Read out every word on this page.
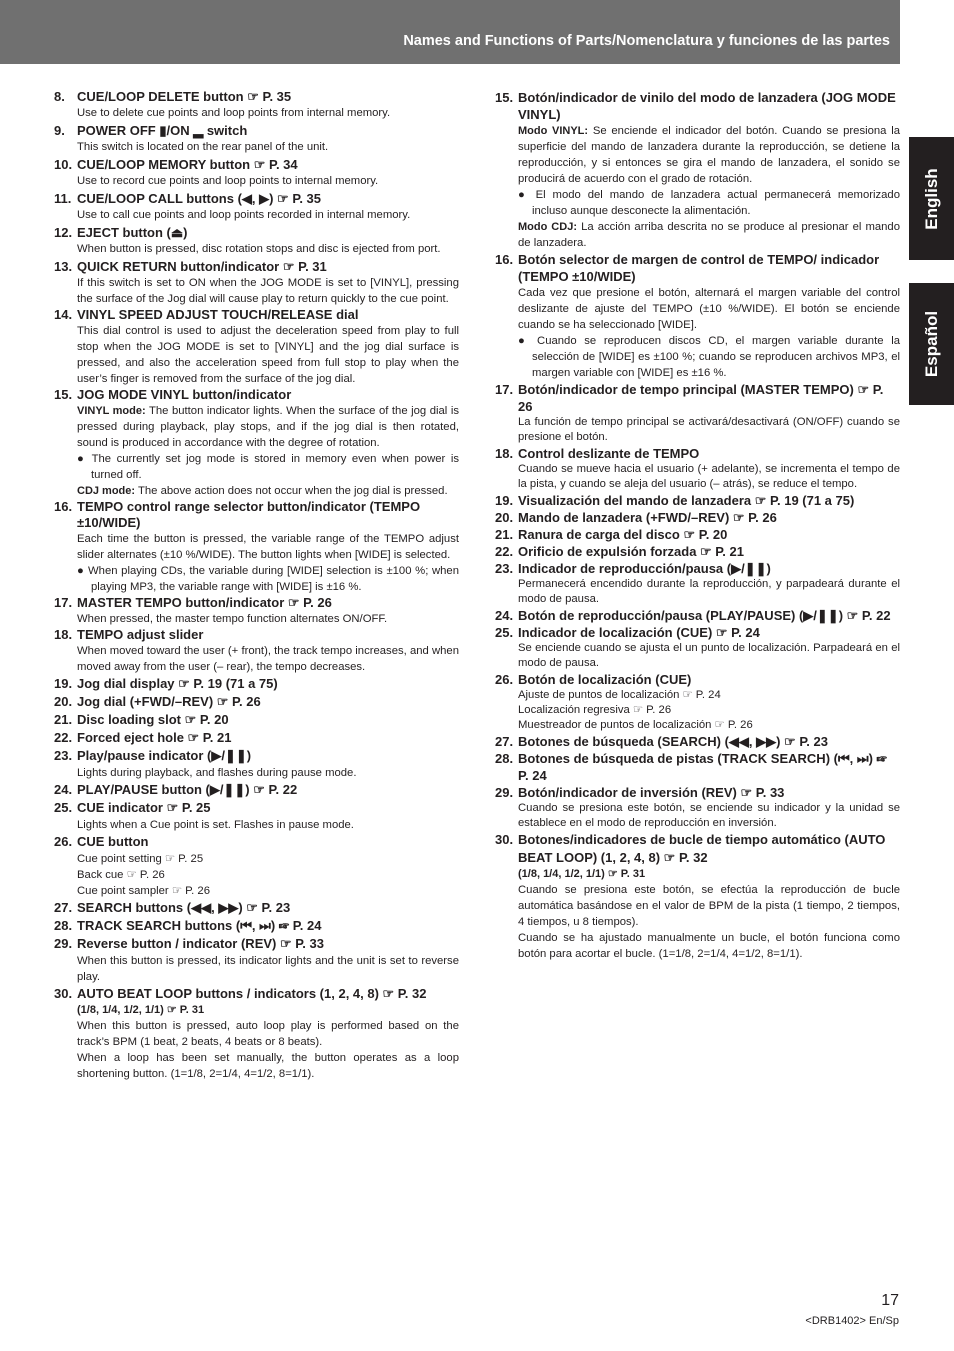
Names and Functions of Parts/Nomenclatura y funciones de las partes
English
Español
8. CUE/LOOP DELETE button ☞ P. 35
Use to delete cue points and loop points from internal memory.
9. POWER OFF ▮/ON ▂ switch
This switch is located on the rear panel of the unit.
10. CUE/LOOP MEMORY button ☞ P. 34
Use to record cue points and loop points to internal memory.
11. CUE/LOOP CALL buttons (◀, ▶) ☞ P. 35
Use to call cue points and loop points recorded in internal memory.
12. EJECT button (⏏)
When button is pressed, disc rotation stops and disc is ejected from port.
13. QUICK RETURN button/indicator ☞ P. 31
If this switch is set to ON when the JOG MODE is set to [VINYL], pressing the surface of the Jog dial will cause play to return quickly to the cue point.
14. VINYL SPEED ADJUST TOUCH/RELEASE dial
This dial control is used to adjust the deceleration speed from play to full stop when the JOG MODE is set to [VINYL] and the jog dial surface is pressed, and also the acceleration speed from full stop to play when the user’s finger is removed from the surface of the jog dial.
15. JOG MODE VINYL button/indicator
VINYL mode: The button indicator lights. When the surface of the jog dial is pressed during playback, play stops, and if the jog dial is then rotated, sound is produced in accordance with the degree of rotation.
● The currently set jog mode is stored in memory even when power is turned off.
CDJ mode: The above action does not occur when the jog dial is pressed.
16. TEMPO control range selector button/indicator (TEMPO ±10/WIDE)
Each time the button is pressed, the variable range of the TEMPO adjust slider alternates (±10 %/WIDE). The button lights when [WIDE] is selected.
● When playing CDs, the variable during [WIDE] selection is ±100 %; when playing MP3, the variable range with [WIDE] is ±16 %.
17. MASTER TEMPO button/indicator ☞ P. 26
When pressed, the master tempo function alternates ON/OFF.
18. TEMPO adjust slider
When moved toward the user (+ front), the track tempo increases, and when moved away from the user (– rear), the tempo decreases.
19. Jog dial display ☞ P. 19 (71 a 75)
20. Jog dial (+FWD/–REV) ☞ P. 26
21. Disc loading slot ☞ P. 20
22. Forced eject hole ☞ P. 21
23. Play/pause indicator (▶/❚❚)
Lights during playback, and flashes during pause mode.
24. PLAY/PAUSE button (▶/❚❚) ☞ P. 22
25. CUE indicator ☞ P. 25
Lights when a Cue point is set. Flashes in pause mode.
26. CUE button
Cue point setting ☞ P. 25
Back cue ☞ P. 26
Cue point sampler ☞ P. 26
27. SEARCH buttons (◀◀, ▶▶) ☞ P. 23
28. TRACK SEARCH buttons (⏮, ⏭) ☞ P. 24
29. Reverse button / indicator (REV) ☞ P. 33
When this button is pressed, its indicator lights and the unit is set to reverse play.
30. AUTO BEAT LOOP buttons / indicators (1, 2, 4, 8) ☞ P. 32
(1/8, 1/4, 1/2, 1/1) ☞ P. 31
When this button is pressed, auto loop play is performed based on the track’s BPM (1 beat, 2 beats, 4 beats or 8 beats).
When a loop has been set manually, the button operates as a loop shortening button. (1=1/8, 2=1/4, 4=1/2, 8=1/1).
15. Botón/indicador de vinilo del modo de lanzadera (JOG MODE VINYL)
Modo VINYL: Se enciende el indicador del botón. Cuando se presiona la superficie del mando de lanzadera durante la reproducción, se detiene la reproducción, y si entonces se gira el mando de lanzadera, el sonido se producirá de acuerdo con el grado de rotación.
● El modo del mando de lanzadera actual permanecerá memorizado incluso aunque desconecte la alimentación.
Modo CDJ: La acción arriba descrita no se produce al presionar el mando de lanzadera.
16. Botón selector de margen de control de TEMPO/ indicador (TEMPO ±10/WIDE)
Cada vez que presione el botón, alternará el margen variable del control deslizante de ajuste del TEMPO (±10 %/WIDE). El botón se enciende cuando se ha seleccionado [WIDE].
● Cuando se reproducen discos CD, el margen variable durante la selección de [WIDE] es ±100 %; cuando se reproducen archivos MP3, el margen variable con [WIDE] es ±16 %.
17. Botón/indicador de tempo principal (MASTER TEMPO) ☞ P. 26
La función de tempo principal se activará/desactivará (ON/OFF) cuando se presione el botón.
18. Control deslizante de TEMPO
Cuando se mueve hacia el usuario (+ adelante), se incrementa el tempo de la pista, y cuando se aleja del usuario (– atrás), se reduce el tempo.
19. Visualización del mando de lanzadera ☞ P. 19 (71 a 75)
20. Mando de lanzadera (+FWD/–REV) ☞ P. 26
21. Ranura de carga del disco ☞ P. 20
22. Orificio de expulsión forzada ☞ P. 21
23. Indicador de reproducción/pausa (▶/❚❚)
Permanecerá encendido durante la reproducción, y parpadeará durante el modo de pausa.
24. Botón de reproducción/pausa (PLAY/PAUSE) (▶/❚❚) ☞ P. 22
25. Indicador de localización (CUE) ☞ P. 24
Se enciende cuando se ajusta el un punto de localización. Parpadeará en el modo de pausa.
26. Botón de localización (CUE)
Ajuste de puntos de localización ☞ P. 24
Localización regresiva ☞ P. 26
Muestreador de puntos de localización ☞ P. 26
27. Botones de búsqueda (SEARCH) (◀◀, ▶▶) ☞ P. 23
28. Botones de búsqueda de pistas (TRACK SEARCH) (⏮, ⏭) ☞ P. 24
29. Botón/indicador de inversión (REV) ☞ P. 33
Cuando se presiona este botón, se enciende su indicador y la unidad se establece en el modo de reproducción en inversión.
30. Botones/indicadores de bucle de tiempo automático (AUTO BEAT LOOP) (1, 2, 4, 8) ☞ P. 32
(1/8, 1/4, 1/2, 1/1) ☞ P. 31
Cuando se presiona este botón, se efectúa la reproducción de bucle automática basándose en el valor de BPM de la pista (1 tiempo, 2 tiempos, 4 tiempos, u 8 tiempos).
Cuando se ha ajustado manualmente un bucle, el botón funciona como botón para acortar el bucle. (1=1/8, 2=1/4, 4=1/2, 8=1/1).
17
<DRB1402> En/Sp
